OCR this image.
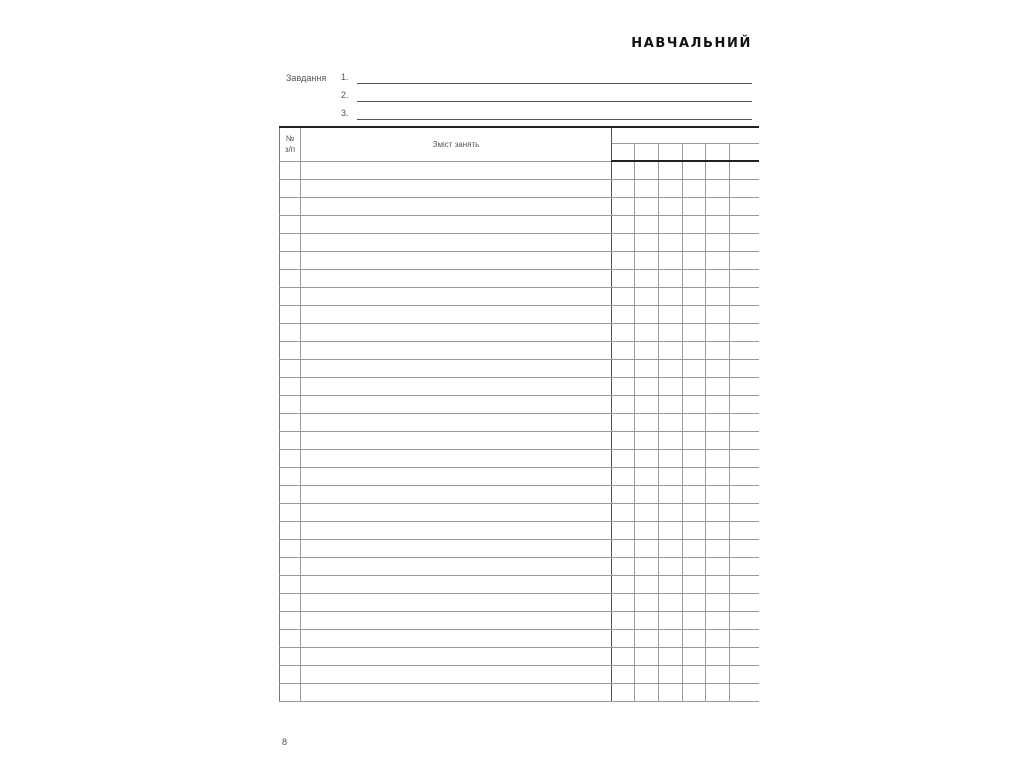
НАВЧАЛЬНИЙ
Завдання 1.
2.
3.
№
з/п	Зміст занять						

8
